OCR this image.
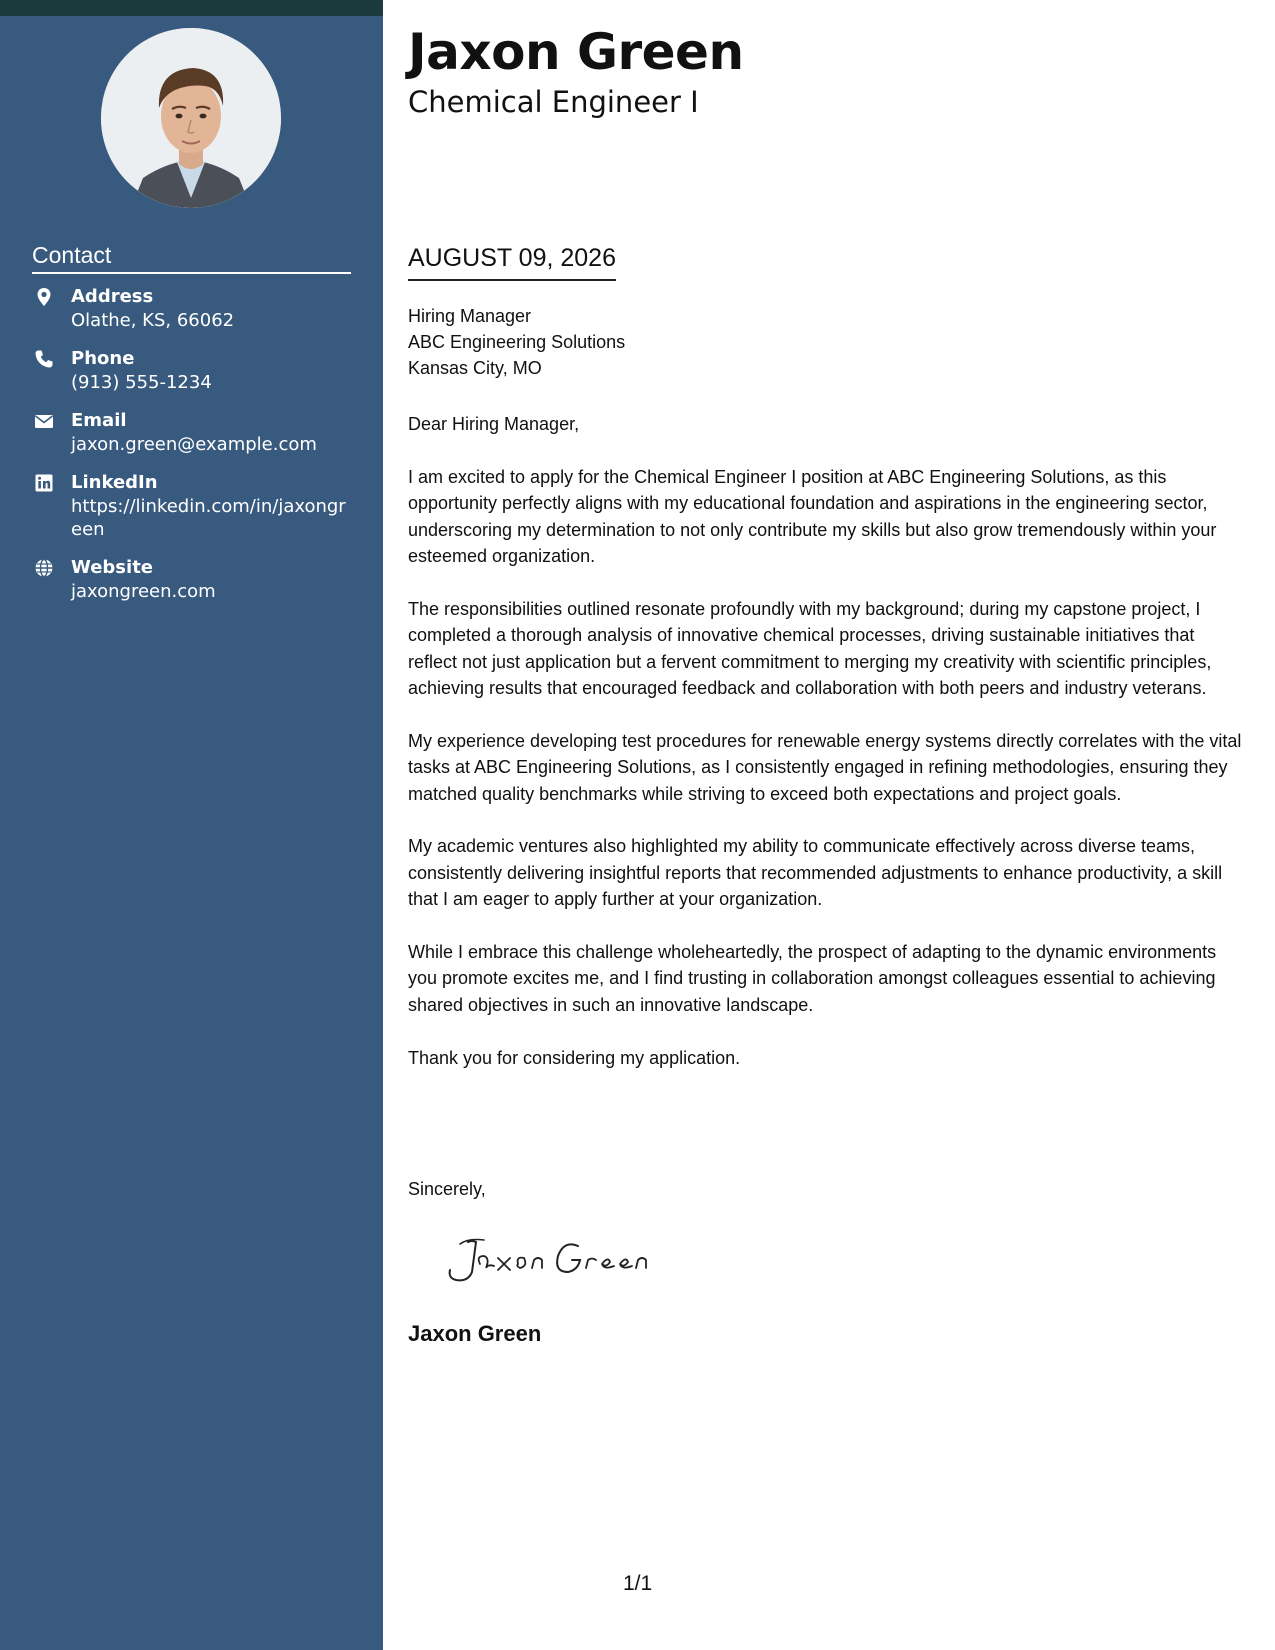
Contact
Address
Olathe, KS, 66062
Phone
(913) 555-1234
Email
jaxon.green@example.com
LinkedIn
https://linkedin.com/in/jaxongreen
Website
jaxongreen.com
Jaxon Green
Chemical Engineer I
AUGUST 09, 2026
Hiring Manager
ABC Engineering Solutions
Kansas City, MO

Dear Hiring Manager,

I am excited to apply for the Chemical Engineer I position at ABC Engineering Solutions, as this opportunity perfectly aligns with my educational foundation and aspirations in the engineering sector, underscoring my determination to not only contribute my skills but also grow tremendously within your esteemed organization.

The responsibilities outlined resonate profoundly with my background; during my capstone project, I completed a thorough analysis of innovative chemical processes, driving sustainable initiatives that reflect not just application but a fervent commitment to merging my creativity with scientific principles, achieving results that encouraged feedback and collaboration with both peers and industry veterans.

My experience developing test procedures for renewable energy systems directly correlates with the vital tasks at ABC Engineering Solutions, as I consistently engaged in refining methodologies, ensuring they matched quality benchmarks while striving to exceed both expectations and project goals.

My academic ventures also highlighted my ability to communicate effectively across diverse teams, consistently delivering insightful reports that recommended adjustments to enhance productivity, a skill that I am eager to apply further at your organization.

While I embrace this challenge wholeheartedly, the prospect of adapting to the dynamic environments you promote excites me, and I find trusting in collaboration amongst colleagues essential to achieving shared objectives in such an innovative landscape.

Thank you for considering my application.

Sincerely,
Jaxon Green
1/1
